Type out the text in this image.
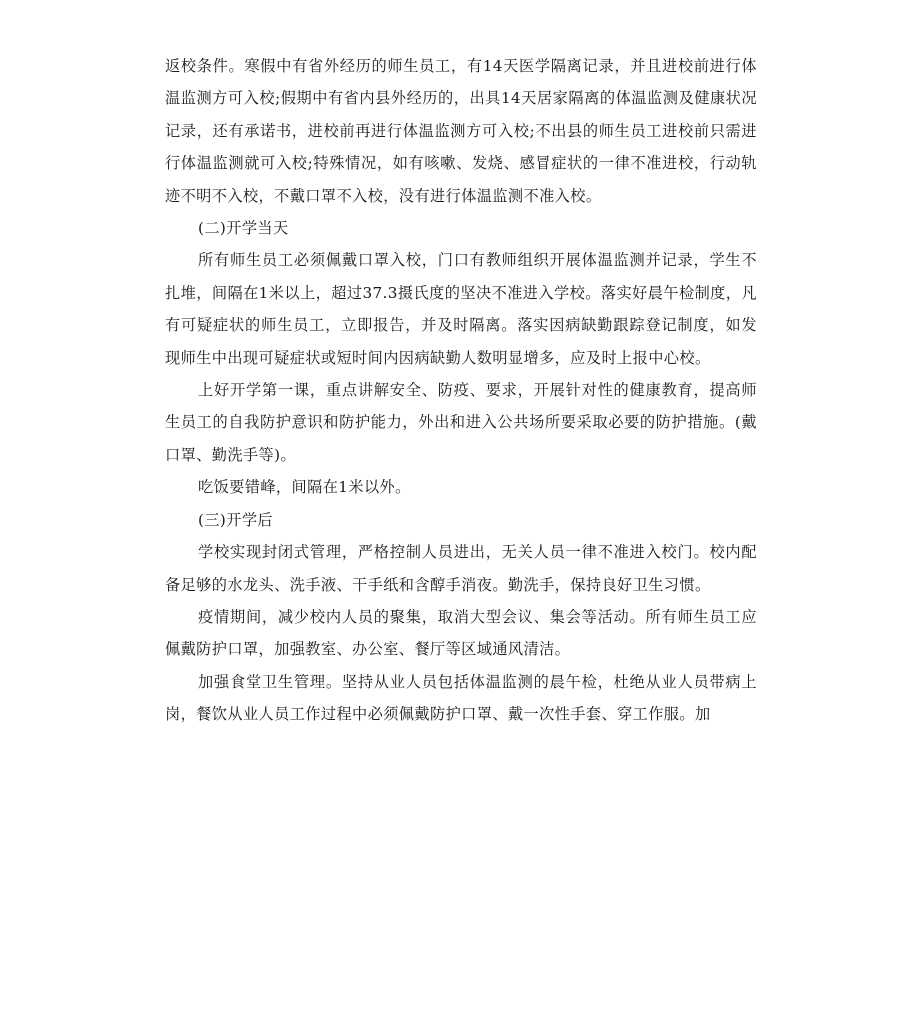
返校条件。寒假中有省外经历的师生员工，有14天医学隔离记录，并且进校前进行体温监测方可入校;假期中有省内县外经历的，出具14天居家隔离的体温监测及健康状况记录，还有承诺书，进校前再进行体温监测方可入校;不出县的师生员工进校前只需进行体温监测就可入校;特殊情况，如有咳嗽、发烧、感冒症状的一律不准进校，行动轨迹不明不入校，不戴口罩不入校，没有进行体温监测不准入校。

(二)开学当天

所有师生员工必须佩戴口罩入校，门口有教师组织开展体温监测并记录，学生不扎堆，间隔在1米以上，超过37.3摄氏度的坚决不准进入学校。落实好晨午检制度，凡有可疑症状的师生员工，立即报告，并及时隔离。落实因病缺勤跟踪登记制度，如发现师生中出现可疑症状或短时间内因病缺勤人数明显增多，应及时上报中心校。

上好开学第一课，重点讲解安全、防疫、要求，开展针对性的健康教育，提高师生员工的自我防护意识和防护能力，外出和进入公共场所要采取必要的防护措施。(戴口罩、勤洗手等)。

吃饭要错峰，间隔在1米以外。

(三)开学后

学校实现封闭式管理，严格控制人员进出，无关人员一律不准进入校门。校内配备足够的水龙头、洗手液、干手纸和含醇手消夜。勤洗手，保持良好卫生习惯。

疫情期间，减少校内人员的聚集，取消大型会议、集会等活动。所有师生员工应佩戴防护口罩，加强教室、办公室、餐厅等区域通风清洁。

加强食堂卫生管理。坚持从业人员包括体温监测的晨午检，杜绝从业人员带病上岗，餐饮从业人员工作过程中必须佩戴防护口罩、戴一次性手套、穿工作服。加
